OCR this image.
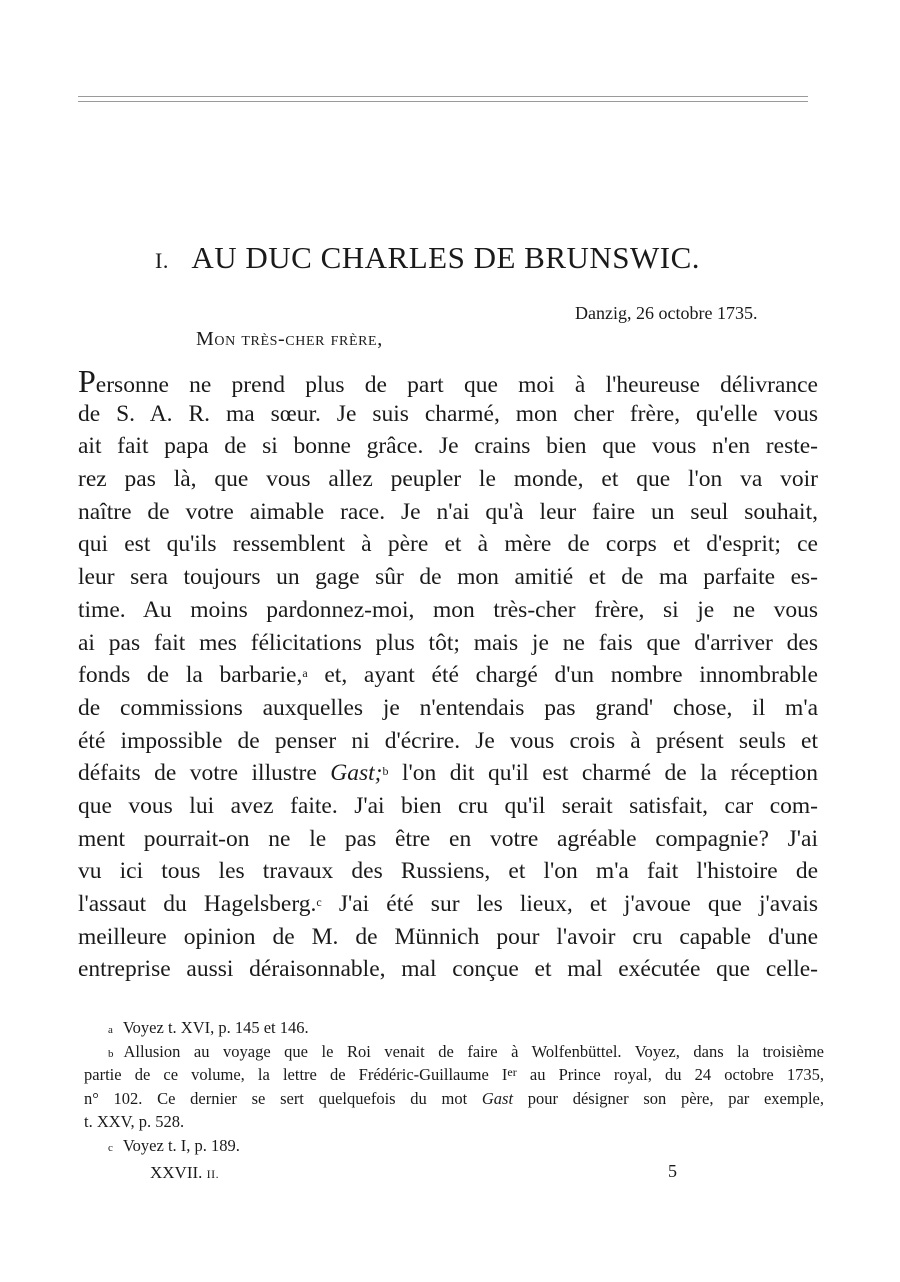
I. AU DUC CHARLES DE BRUNSWIC.
Danzig, 26 octobre 1735.
Mon très-cher frère,
Personne ne prend plus de part que moi à l'heureuse délivrance
de S. A. R. ma sœur. Je suis charmé, mon cher frère, qu'elle vous
ait fait papa de si bonne grâce. Je crains bien que vous n'en reste-
rez pas là, que vous allez peupler le monde, et que l'on va voir
naître de votre aimable race. Je n'ai qu'à leur faire un seul souhait,
qui est qu'ils ressemblent à père et à mère de corps et d'esprit; ce
leur sera toujours un gage sûr de mon amitié et de ma parfaite es-
time. Au moins pardonnez-moi, mon très-cher frère, si je ne vous
ai pas fait mes félicitations plus tôt; mais je ne fais que d'arriver des
fonds de la barbarie,$^a$ et, ayant été chargé d'un nombre innombrable
de commissions auxquelles je n'entendais pas grand' chose, il m'a
été impossible de penser ni d'écrire. Je vous crois à présent seuls et
défaits de votre illustre Gast;$^b$ l'on dit qu'il est charmé de la réception
que vous lui avez faite. J'ai bien cru qu'il serait satisfait, car com-
ment pourrait-on ne le pas être en votre agréable compagnie? J'ai
vu ici tous les travaux des Russiens, et l'on m'a fait l'histoire de
l'assaut du Hagelsberg.$^c$ J'ai été sur les lieux, et j'avoue que j'avais
meilleure opinion de M. de Münnich pour l'avoir cru capable d'une
entreprise aussi déraisonnable, mal conçue et mal exécutée que celle-
a Voyez t. XVI, p. 145 et 146.
b Allusion au voyage que le Roi venait de faire à Wolfenbüttel. Voyez, dans la troisième
partie de ce volume, la lettre de Frédéric-Guillaume Ier au Prince royal, du 24 octobre 1735,
n° 102. Ce dernier se sert quelquefois du mot Gast pour désigner son père, par exemple,
t. XXV, p. 528.
c Voyez t. I, p. 189.
XXVII. II.	5
